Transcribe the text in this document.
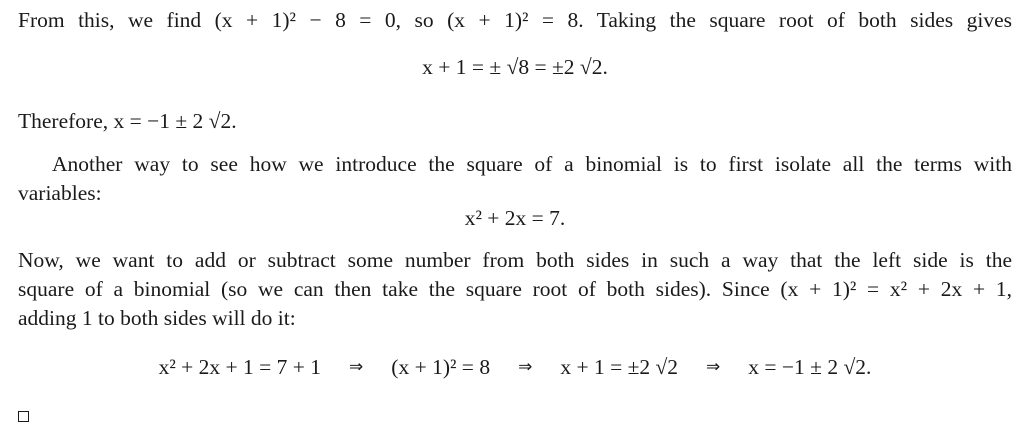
From this, we find (x + 1)² − 8 = 0, so (x + 1)² = 8. Taking the square root of both sides gives
x + 1 = ± √8 = ±2 √2.
Therefore, x = −1 ± 2 √2.
Another way to see how we introduce the square of a binomial is to first isolate all the terms with
variables:
x² + 2x = 7.
Now, we want to add or subtract some number from both sides in such a way that the left side is the
square of a binomial (so we can then take the square root of both sides). Since (x + 1)² = x² + 2x + 1,
adding 1 to both sides will do it:
x² + 2x + 1 = 7 + 1 ⇒ (x + 1)² = 8 ⇒ x + 1 = ±2 √2 ⇒ x = −1 ± 2 √2.
